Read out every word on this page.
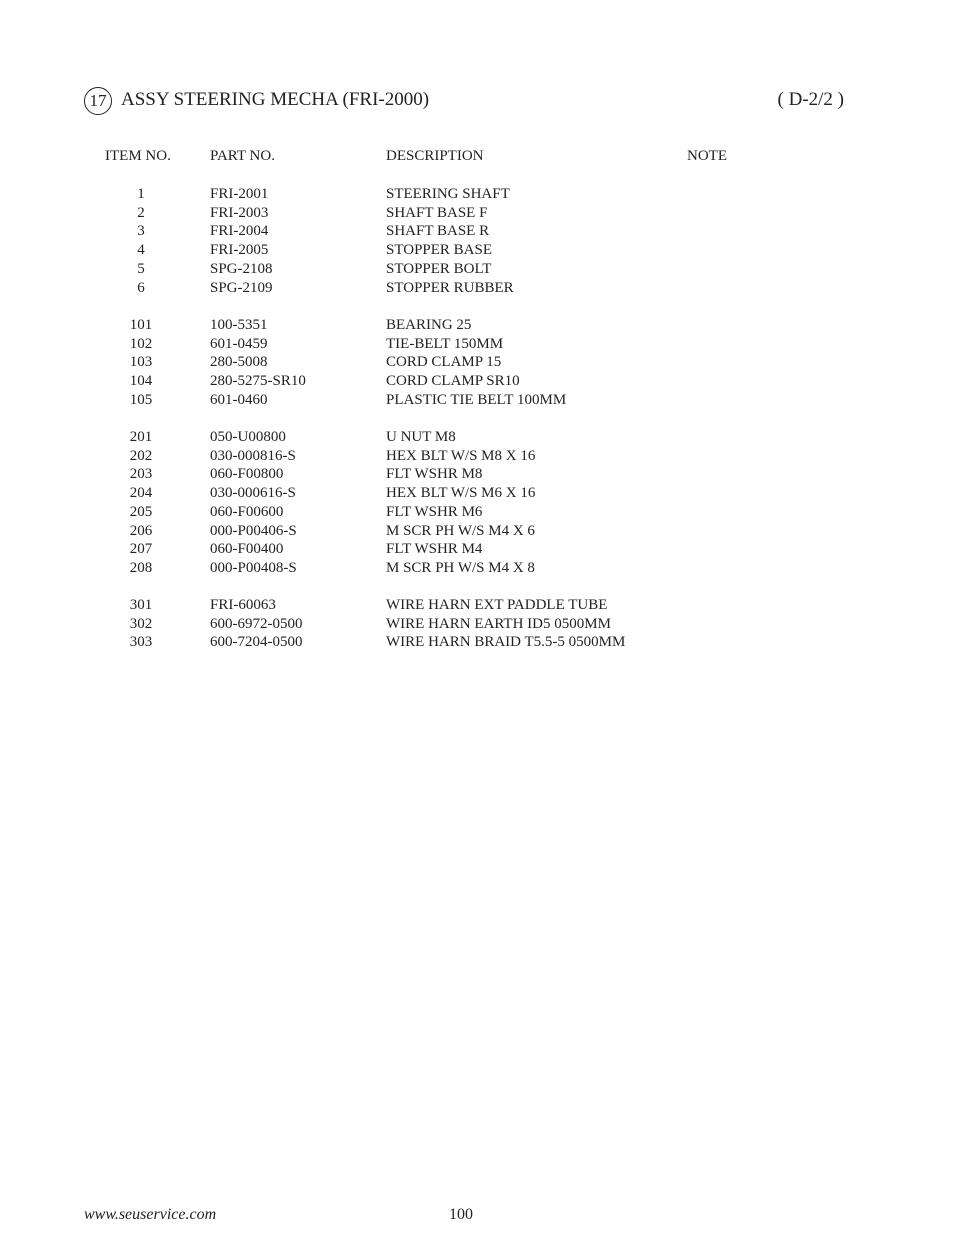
17 ASSY STEERING MECHA (FRI-2000)	( D-2/2 )
ITEM NO.	PART NO.	DESCRIPTION	NOTE
1	FRI-2001	STEERING SHAFT
2	FRI-2003	SHAFT BASE F
3	FRI-2004	SHAFT BASE R
4	FRI-2005	STOPPER BASE
5	SPG-2108	STOPPER BOLT
6	SPG-2109	STOPPER RUBBER
101	100-5351	BEARING 25
102	601-0459	TIE-BELT 150MM
103	280-5008	CORD CLAMP 15
104	280-5275-SR10	CORD CLAMP SR10
105	601-0460	PLASTIC TIE BELT 100MM
201	050-U00800	U NUT M8
202	030-000816-S	HEX BLT W/S M8 X 16
203	060-F00800	FLT WSHR M8
204	030-000616-S	HEX BLT W/S M6 X 16
205	060-F00600	FLT WSHR M6
206	000-P00406-S	M SCR PH W/S M4 X 6
207	060-F00400	FLT WSHR M4
208	000-P00408-S	M SCR PH W/S M4 X 8
301	FRI-60063	WIRE HARN EXT PADDLE TUBE
302	600-6972-0500	WIRE HARN EARTH ID5 0500MM
303	600-7204-0500	WIRE HARN BRAID T5.5-5 0500MM
www.seuservice.com	100
